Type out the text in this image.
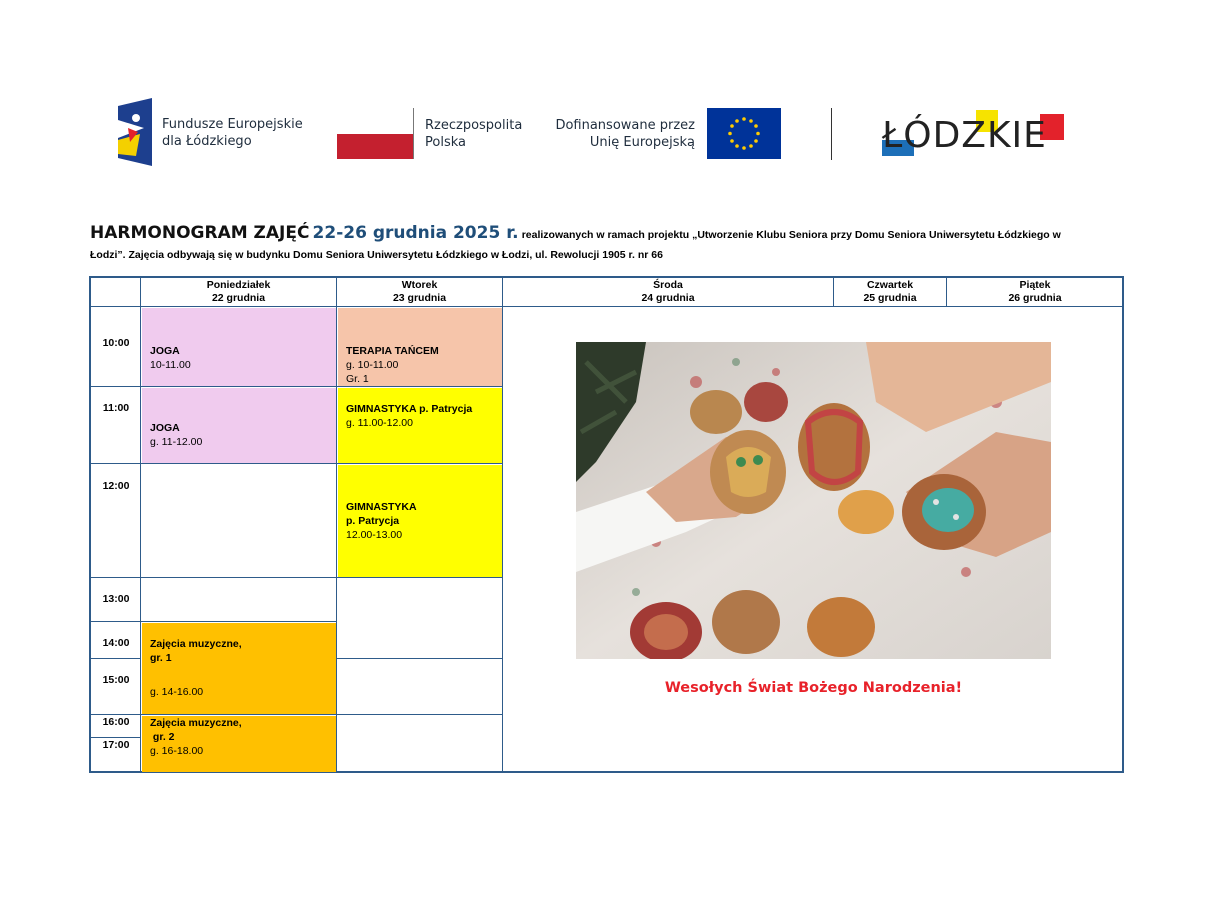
Fundusze Europejskie
dla Łódzkiego
Rzeczpospolita
Polska
Dofinansowane przez
Unię Europejską	ŁÓDZKIE
HARMONOGRAM ZAJĘĆ 22-26 grudnia 2025 r. realizowanych w ramach projektu „Utworzenie Klubu Seniora przy Domu Seniora Uniwersytetu Łódzkiego w
Łodzi”. Zajęcia odbywają się w budynku Domu Seniora Uniwersytetu Łódzkiego w Łodzi, ul. Rewolucji 1905 r. nr 66
Poniedziałek
22 grudnia
Wtorek
23 grudnia
Środa
24 grudnia
Czwartek
25 grudnia
Piątek
26 grudnia
10:00
11:00
12:00
13:00
14:00
15:00
16:00
17:00
JOGA
10-11.00
JOGA
g. 11-12.00
Zajęcia muzyczne,
gr. 1
g. 14-16.00
Zajęcia muzyczne,
gr. 2
g. 16-18.00
TERAPIA TAŃCEM
g. 10-11.00
Gr. 1
GIMNASTYKA p. Patrycja
g. 11.00-12.00
GIMNASTYKA
p. Patrycja
12.00-13.00
Wesołych Świat Bożego Narodzenia!
